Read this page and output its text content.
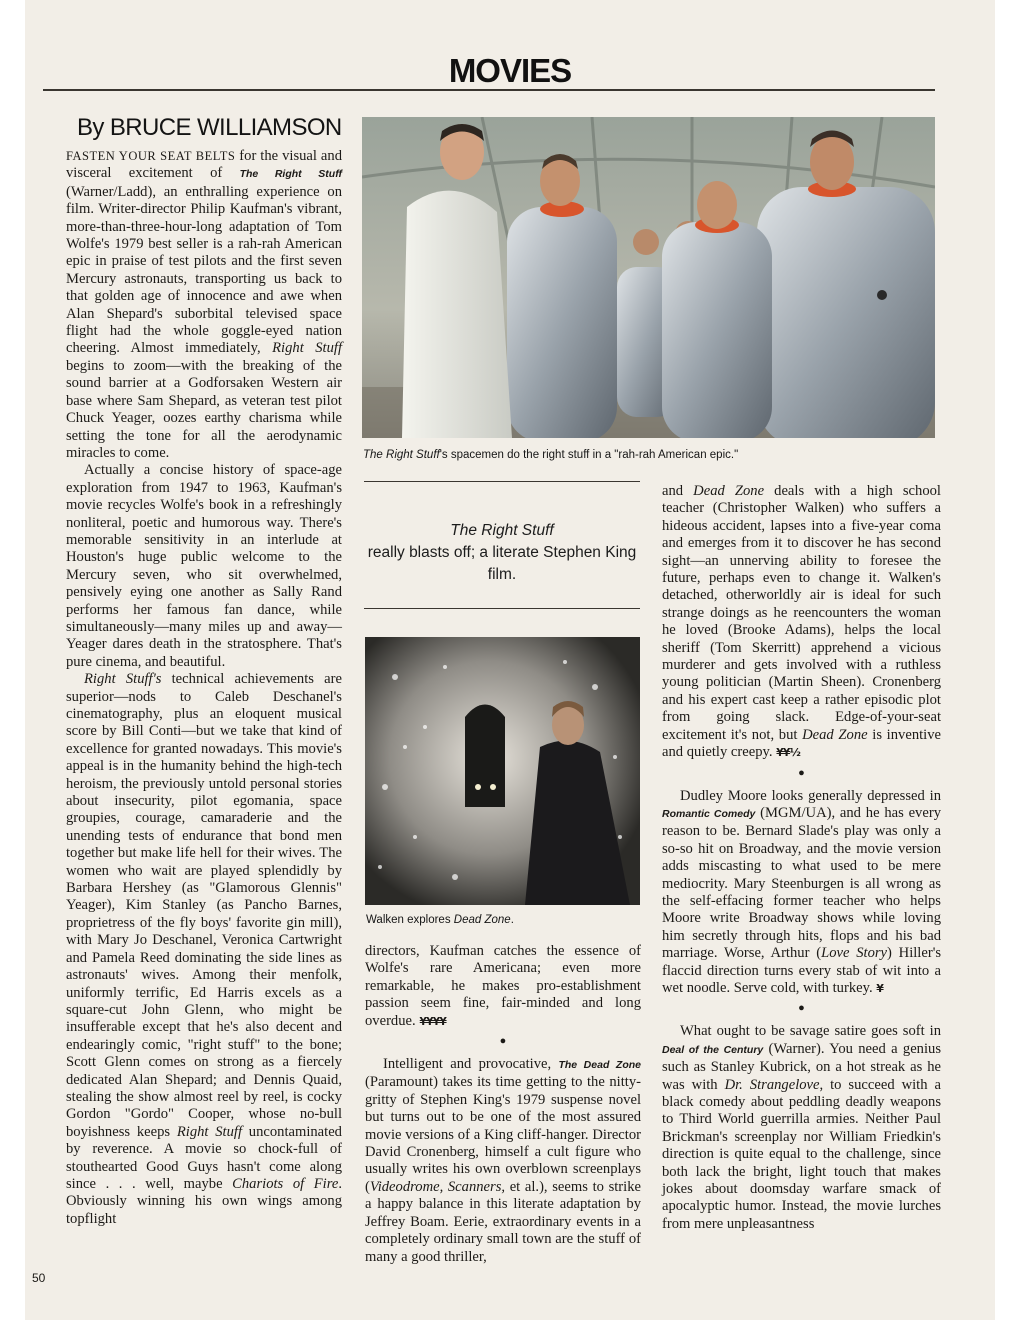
MOVIES
By BRUCE WILLIAMSON

FASTEN YOUR SEAT BELTS for the visual and visceral excitement of The Right Stuff (Warner/Ladd), an enthralling experience on film. Writer-director Philip Kaufman's vibrant, more-than-three-hour-long adaptation of Tom Wolfe's 1979 best seller is a rah-rah American epic in praise of test pilots and the first seven Mercury astronauts, transporting us back to that golden age of innocence and awe when Alan Shepard's suborbital televised space flight had the whole goggle-eyed nation cheering. Almost immediately, Right Stuff begins to zoom—with the breaking of the sound barrier at a Godforsaken Western air base where Sam Shepard, as veteran test pilot Chuck Yeager, oozes earthy charisma while setting the tone for all the aerodynamic miracles to come.

Actually a concise history of space-age exploration from 1947 to 1963, Kaufman's movie recycles Wolfe's book in a refreshingly nonliteral, poetic and humorous way. There's memorable sensitivity in an interlude at Houston's huge public welcome to the Mercury seven, who sit overwhelmed, pensively eying one another as Sally Rand performs her famous fan dance, while simultaneously—many miles up and away—Yeager dares death in the stratosphere. That's pure cinema, and beautiful.

Right Stuff's technical achievements are superior—nods to Caleb Deschanel's cinematography, plus an eloquent musical score by Bill Conti—but we take that kind of excellence for granted nowadays. This movie's appeal is in the humanity behind the high-tech heroism, the previously untold personal stories about insecurity, pilot egomania, space groupies, courage, camaraderie and the unending tests of endurance that bond men together but make life hell for their wives. The women who wait are played splendidly by Barbara Hershey (as "Glamorous Glennis" Yeager), Kim Stanley (as Pancho Barnes, proprietress of the fly boys' favorite gin mill), with Mary Jo Deschanel, Veronica Cartwright and Pamela Reed dominating the side lines as astronauts' wives. Among their menfolk, uniformly terrific, Ed Harris excels as a square-cut John Glenn, who might be insufferable except that he's also decent and endearingly comic, "right stuff" to the bone; Scott Glenn comes on strong as a fiercely dedicated Alan Shepard; and Dennis Quaid, stealing the show almost reel by reel, is cocky Gordon "Gordo" Cooper, whose no-bull boyishness keeps Right Stuff uncontaminated by reverence. A movie so chock-full of stouthearted Good Guys hasn't come along since . . . well, maybe Chariots of Fire. Obviously winning his own wings among topflight

The Right Stuff's spacemen do the right stuff in a "rah-rah American epic."
The Right Stuff
really blasts off; a literate Stephen King film.
Walken explores Dead Zone.

directors, Kaufman catches the essence of Wolfe's rare Americana; even more remarkable, he makes pro-establishment passion seem fine, fair-minded and long overdue. ¥¥¥¥

●

Intelligent and provocative, The Dead Zone (Paramount) takes its time getting to the nitty-gritty of Stephen King's 1979 suspense novel but turns out to be one of the most assured movie versions of a King cliff-hanger. Director David Cronenberg, himself a cult figure who usually writes his own overblown screenplays (Videodrome, Scanners, et al.), seems to strike a happy balance in this literate adaptation by Jeffrey Boam. Eerie, extraordinary events in a completely ordinary small town are the stuff of many a good thriller,

and Dead Zone deals with a high school teacher (Christopher Walken) who suffers a hideous accident, lapses into a five-year coma and emerges from it to discover he has second sight—an unnerving ability to foresee the future, perhaps even to change it. Walken's detached, otherworldly air is ideal for such strange doings as he reencounters the woman he loved (Brooke Adams), helps the local sheriff (Tom Skerritt) apprehend a vicious murderer and gets involved with a ruthless young politician (Martin Sheen). Cronenberg and his expert cast keep a rather episodic plot from going slack. Edge-of-your-seat excitement it's not, but Dead Zone is inventive and quietly creepy. ¥¥½

●

Dudley Moore looks generally depressed in Romantic Comedy (MGM/UA), and he has every reason to be. Bernard Slade's play was only a so-so hit on Broadway, and the movie version adds miscasting to what used to be mere mediocrity. Mary Steenburgen is all wrong as the self-effacing former teacher who helps Moore write Broadway shows while loving him secretly through hits, flops and his bad marriage. Worse, Arthur (Love Story) Hiller's flaccid direction turns every stab of wit into a wet noodle. Serve cold, with turkey. ¥

●

What ought to be savage satire goes soft in Deal of the Century (Warner). You need a genius such as Stanley Kubrick, on a hot streak as he was with Dr. Strangelove, to succeed with a black comedy about peddling deadly weapons to Third World guerrilla armies. Neither Paul Brickman's screenplay nor William Friedkin's direction is quite equal to the challenge, since both lack the bright, light touch that makes jokes about doomsday warfare smack of apocalyptic humor. Instead, the movie lurches from mere unpleasantness

50
